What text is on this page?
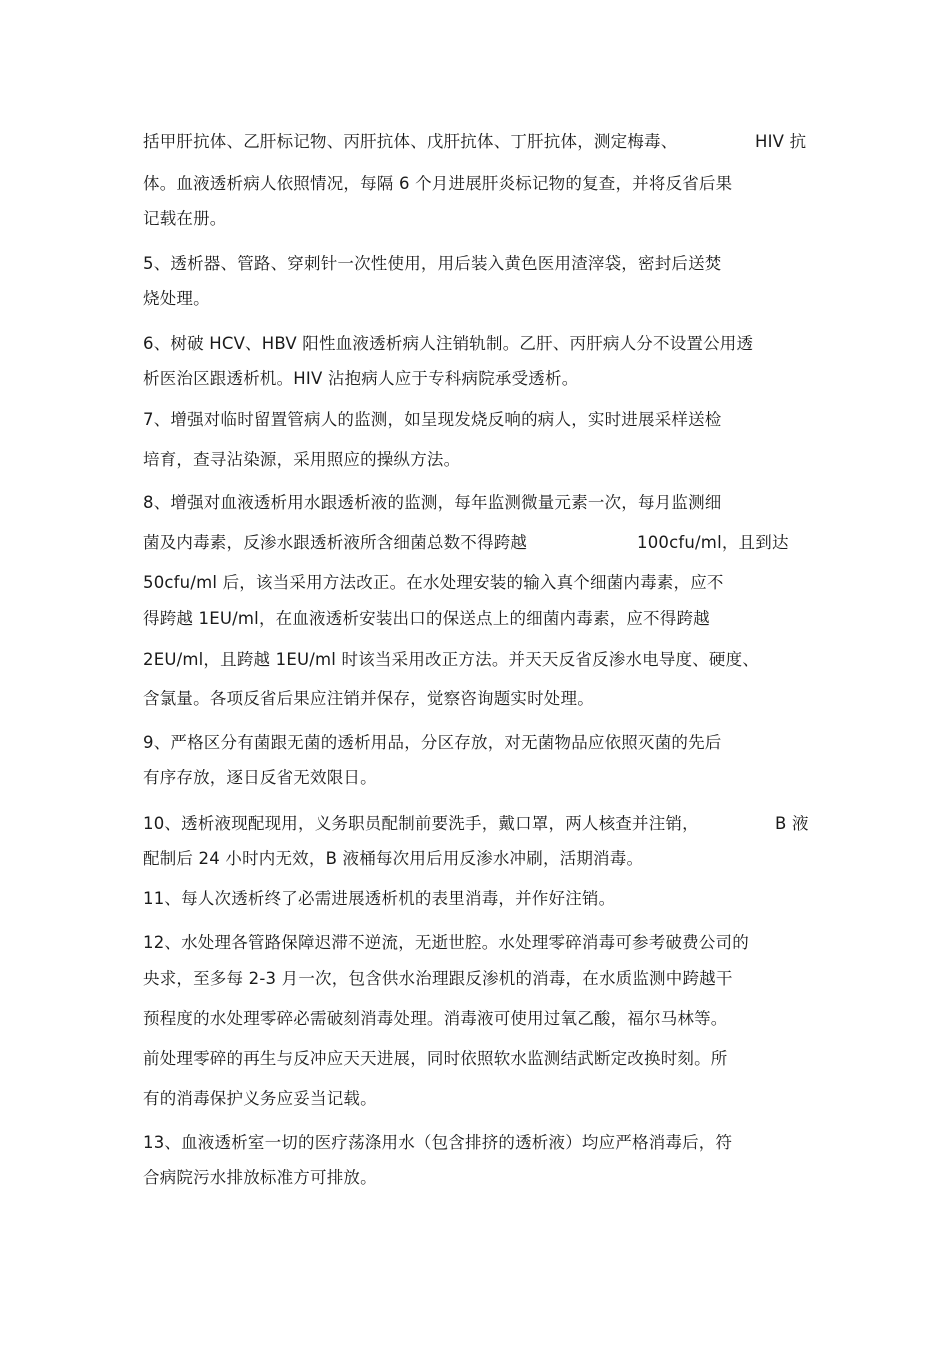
括甲肝抗体、乙肝标记物、丙肝抗体、戊肝抗体、丁肝抗体，测定梅毒、	HIV 抗
体。血液透析病人依照情况，每隔 6 个月进展肝炎标记物的复查，并将反省后果
记载在册。
5、透析器、管路、穿刺针一次性使用，用后装入黄色医用渣滓袋，密封后送焚
烧处理。
6、树破 HCV、HBV 阳性血液透析病人注销轨制。乙肝、丙肝病人分不设置公用透
析医治区跟透析机。HIV 沾抱病人应于专科病院承受透析。
7、增强对临时留置管病人的监测，如呈现发烧反响的病人，实时进展采样送检
培育，查寻沾染源，采用照应的操纵方法。
8、增强对血液透析用水跟透析液的监测，每年监测微量元素一次，每月监测细
菌及内毒素，反渗水跟透析液所含细菌总数不得跨越	100cfu/ml，且到达
50cfu/ml 后，该当采用方法改正。在水处理安装的输入真个细菌内毒素，应不
得跨越 1EU/ml，在血液透析安装出口的保送点上的细菌内毒素，应不得跨越
2EU/ml，且跨越 1EU/ml 时该当采用改正方法。并天天反省反渗水电导度、硬度、
含氯量。各项反省后果应注销并保存，觉察咨询题实时处理。
9、严格区分有菌跟无菌的透析用品，分区存放，对无菌物品应依照灭菌的先后
有序存放，逐日反省无效限日。
10、透析液现配现用，义务职员配制前要洗手，戴口罩，两人核查并注销，	B 液
配制后 24 小时内无效，B 液桶每次用后用反渗水冲刷，活期消毒。
11、每人次透析终了必需进展透析机的表里消毒，并作好注销。
12、水处理各管路保障迟滞不逆流，无逝世腔。水处理零碎消毒可参考破费公司的
央求，至多每 2-3 月一次，包含供水治理跟反渗机的消毒，在水质监测中跨越干
预程度的水处理零碎必需破刻消毒处理。消毒液可使用过氧乙酸，福尔马林等。
前处理零碎的再生与反冲应天天进展，同时依照软水监测结武断定改换时刻。所
有的消毒保护义务应妥当记载。
13、血液透析室一切的医疗荡涤用水（包含排挤的透析液）均应严格消毒后，符
合病院污水排放标准方可排放。
